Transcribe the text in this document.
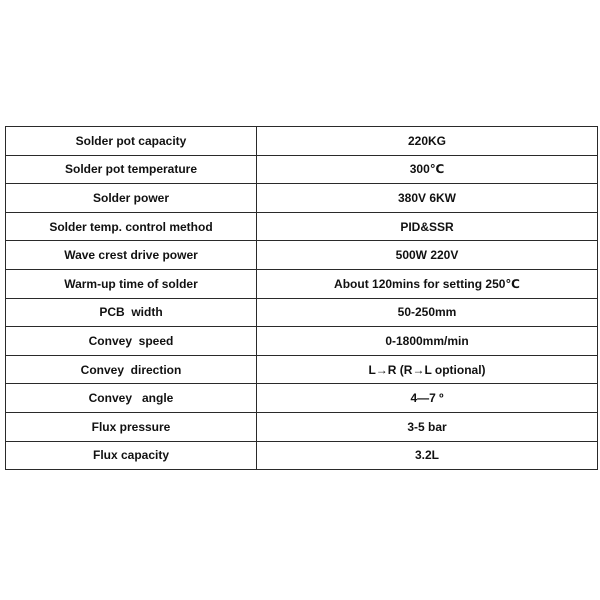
Solder pot capacity	220KG
Solder pot temperature	300℃
Solder power	380V 6KW
Solder temp. control method	PID&SSR
Wave crest drive power	500W 220V
Warm-up time of solder	About 120mins for setting 250℃
PCB  width	50-250mm
Convey  speed	0-1800mm/min
Convey  direction	L→R (R→L optional)
Convey   angle	4—7 º
Flux pressure	3-5 bar
Flux capacity	3.2L
